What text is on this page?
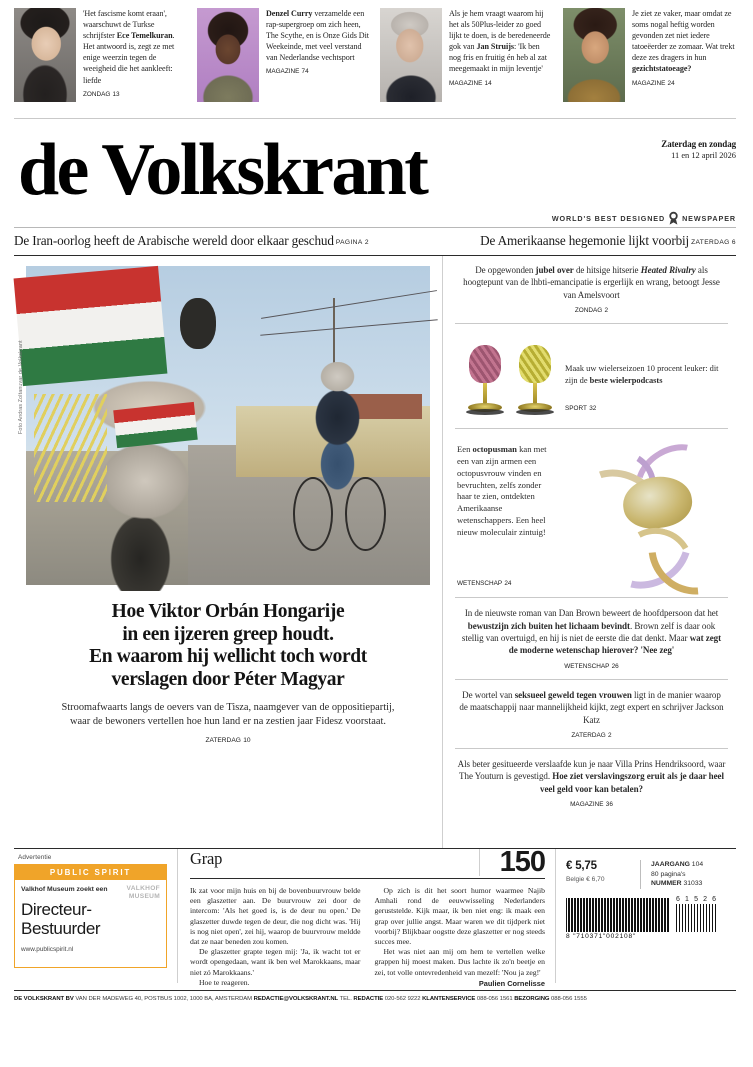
'Het fascisme komt eraan', waarschuwt de Turkse schrijfster Ece Temelkuran. Het antwoord is, zegt ze met enige weerzin tegen de weeigheid die het aankleeft: liefde
ZONDAG 13
Denzel Curry verzamelde een rap-supergroep om zich heen, The Scythe, en is Onze Gids Dit Weekeinde, met veel verstand van Nederlandse vechtsport
MAGAZINE 74
Als je hem vraagt waarom hij het als 50Plus-leider zo goed lijkt te doen, is de beredeneerde gok van Jan Struijs: 'Ik ben nog fris en fruitig én heb al zat meegemaakt in mijn leventje'
MAGAZINE 14
Je ziet ze vaker, maar omdat ze soms nogal heftig worden gevonden zet niet iedere tatoeëerder ze zomaar. Wat trekt deze zes dragers in hun gezichtstatoeage?
MAGAZINE 24
Zaterdag en zondag
11 en 12 april 2026
de Volkskrant
WORLD'S BEST DESIGNED NEWSPAPER
De Iran-oorlog heeft de Arabische wereld door elkaar geschud PAGINA 2	De Amerikaanse hegemonie lijkt voorbij ZATERDAG 6
Foto Andras Zoltanuvar de Volkskrant
Hoe Viktor Orbán Hongarije
in een ijzeren greep houdt.
En waarom hij wellicht toch wordt
verslagen door Péter Magyar
Stroomafwaarts langs de oevers van de Tisza, naamgever van de oppositiepartij, waar de bewoners vertellen hoe hun land er na zestien jaar Fidesz voorstaat.
ZATERDAG 10
De opgewonden jubel over de hitsige hitserie Heated Rivalry als hoogtepunt van de lhbti-emancipatie is ergerlijk en wrang, betoogt Jesse van Amelsvoort
ZONDAG 2
Maak uw wielerseizoen 10 procent leuker: dit zijn de beste wielerpodcasts
SPORT 32
Een octopusman kan met een van zijn armen een octopusvrouw vinden en bevruchten, zelfs zonder haar te zien, ontdekten Amerikaanse wetenschappers. Een heel nieuw moleculair zintuig!
WETENSCHAP 24
In de nieuwste roman van Dan Brown beweert de hoofdpersoon dat het bewustzijn zich buiten het lichaam bevindt. Brown zelf is daar ook stellig van overtuigd, en hij is niet de eerste die dat denkt. Maar wat zegt de moderne wetenschap hierover? 'Nee zeg'
WETENSCHAP 26
De wortel van seksueel geweld tegen vrouwen ligt in de manier waarop de maatschappij naar mannelijkheid kijkt, zegt expert en schrijver Jackson Katz
ZATERDAG 2
Als beter gesitueerde verslaafde kun je naar Villa Prins Hendriksoord, waar The Youturn is gevestigd. Hoe ziet verslavingszorg eruit als je daar heel veel geld voor kan betalen?
MAGAZINE 36
Advertentie
PUBLIC SPIRIT
VALKHOF
MUSEUM
Valkhof Museum zoekt een
Directeur-
Bestuurder
www.publicspirit.nl
Grap	150

Ik zat voor mijn huis en bij de bovenbuurvrouw belde een glaszetter aan. De buurvrouw zei door de intercom: 'Als het goed is, is de deur nu open.' De glaszetter duwde tegen de deur, die nog dicht was. 'Hij is nog niet open', zei hij, waarop de buurvrouw meldde dat ze naar beneden zou komen.

De glaszetter grapte tegen mij: 'Ja, ik wacht tot er wordt opengedaan, want ik ben wel Marokkaans, maar niet zó Marokkaans.'

Hoe te reageren.

Op zich is dit het soort humor waarmee Najib Amhali rond de eeuwwisseling Nederlanders geruststelde. Kijk maar, ik ben niet eng: ik maak een grap over jullie angst. Maar waren we dit tijdperk niet voorbij? Blijkbaar oogstte deze glaszetter er nog steeds succes mee.

Het was niet aan mij om hem te vertellen welke grappen hij moest maken. Dus lachte ik zo'n beetje en zei, tot volle ontevredenheid van mezelf: 'Nou ja zeg!'

Paulien Cornelisse
€ 5,75
Belgie € 6,70
JAARGANG 104
80 pagina's
NUMMER 31033
6 1 5 2 6
8 "710371"002108"
DE VOLKSKRANT BV VAN DER MADEWEG 40, POSTBUS 1002, 1000 BA, AMSTERDAM REDACTIE@VOLKSKRANT.NL TEL. REDACTIE 020-562 9222 KLANTENSERVICE 088-056 1561 BEZORGING 088-056 1555
